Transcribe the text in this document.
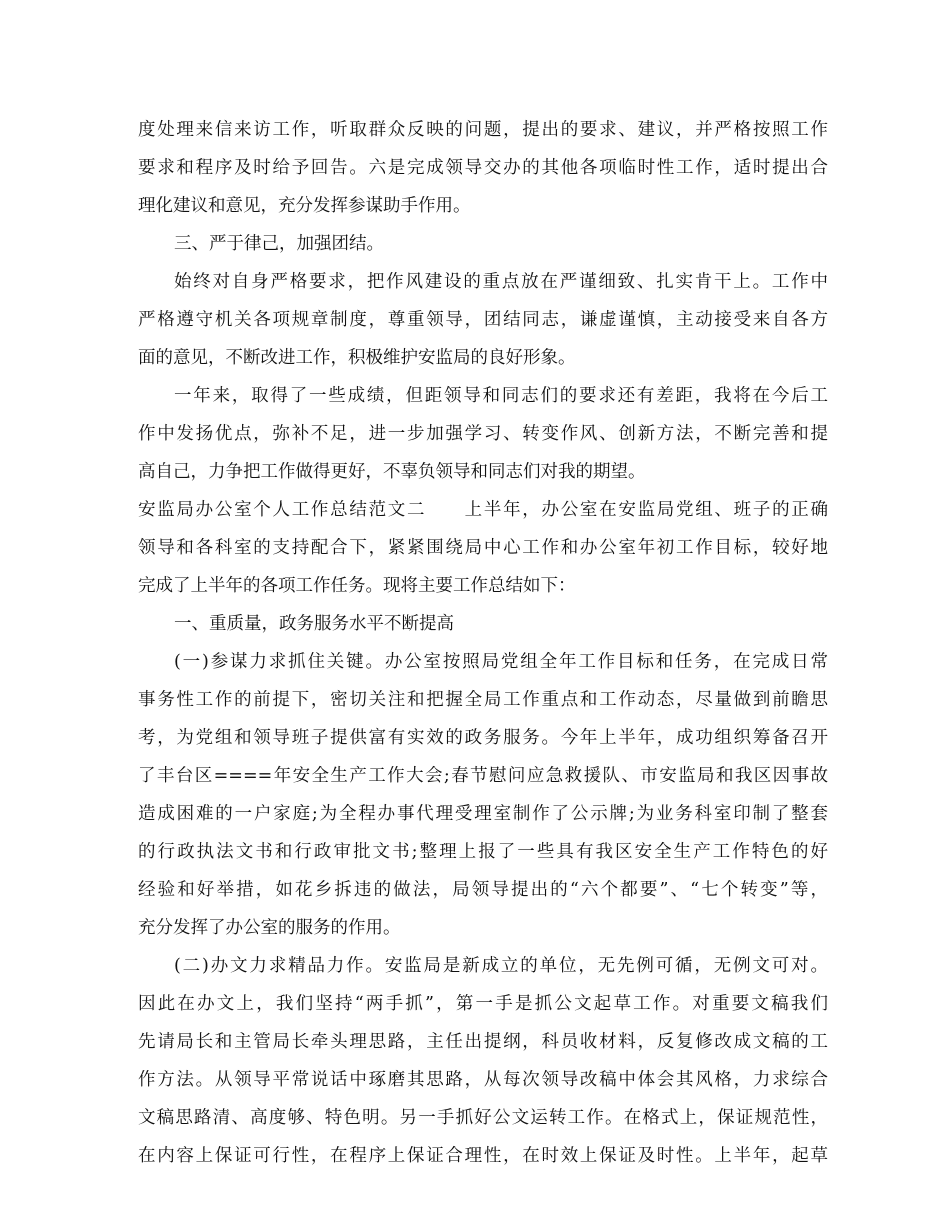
度处理来信来访工作，听取群众反映的问题，提出的要求、建议，并严格按照工作
要求和程序及时给予回告。六是完成领导交办的其他各项临时性工作，适时提出合
理化建议和意见，充分发挥参谋助手作用。
三、严于律己，加强团结。
始终对自身严格要求，把作风建设的重点放在严谨细致、扎实肯干上。工作中
严格遵守机关各项规章制度，尊重领导，团结同志，谦虚谨慎，主动接受来自各方
面的意见，不断改进工作，积极维护安监局的良好形象。
一年来，取得了一些成绩，但距领导和同志们的要求还有差距，我将在今后工
作中发扬优点，弥补不足，进一步加强学习、转变作风、创新方法，不断完善和提
高自己，力争把工作做得更好，不辜负领导和同志们对我的期望。
安监局办公室个人工作总结范文二　　上半年，办公室在安监局党组、班子的正确
领导和各科室的支持配合下，紧紧围绕局中心工作和办公室年初工作目标，较好地
完成了上半年的各项工作任务。现将主要工作总结如下：
一、重质量，政务服务水平不断提高
(一)参谋力求抓住关键。办公室按照局党组全年工作目标和任务，在完成日常
事务性工作的前提下，密切关注和把握全局工作重点和工作动态，尽量做到前瞻思
考，为党组和领导班子提供富有实效的政务服务。今年上半年，成功组织筹备召开
了丰台区====年安全生产工作大会;春节慰问应急救援队、市安监局和我区因事故
造成困难的一户家庭;为全程办事代理受理室制作了公示牌;为业务科室印制了整套
的行政执法文书和行政审批文书;整理上报了一些具有我区安全生产工作特色的好
经验和好举措，如花乡拆违的做法，局领导提出的“六个都要”、“七个转变”等，
充分发挥了办公室的服务的作用。
(二)办文力求精品力作。安监局是新成立的单位，无先例可循，无例文可对。
因此在办文上，我们坚持“两手抓”，第一手是抓公文起草工作。对重要文稿我们
先请局长和主管局长牵头理思路，主任出提纲，科员收材料，反复修改成文稿的工
作方法。从领导平常说话中琢磨其思路，从每次领导改稿中体会其风格，力求综合
文稿思路清、高度够、特色明。另一手抓好公文运转工作。在格式上，保证规范性，
在内容上保证可行性，在程序上保证合理性，在时效上保证及时性。上半年，起草
